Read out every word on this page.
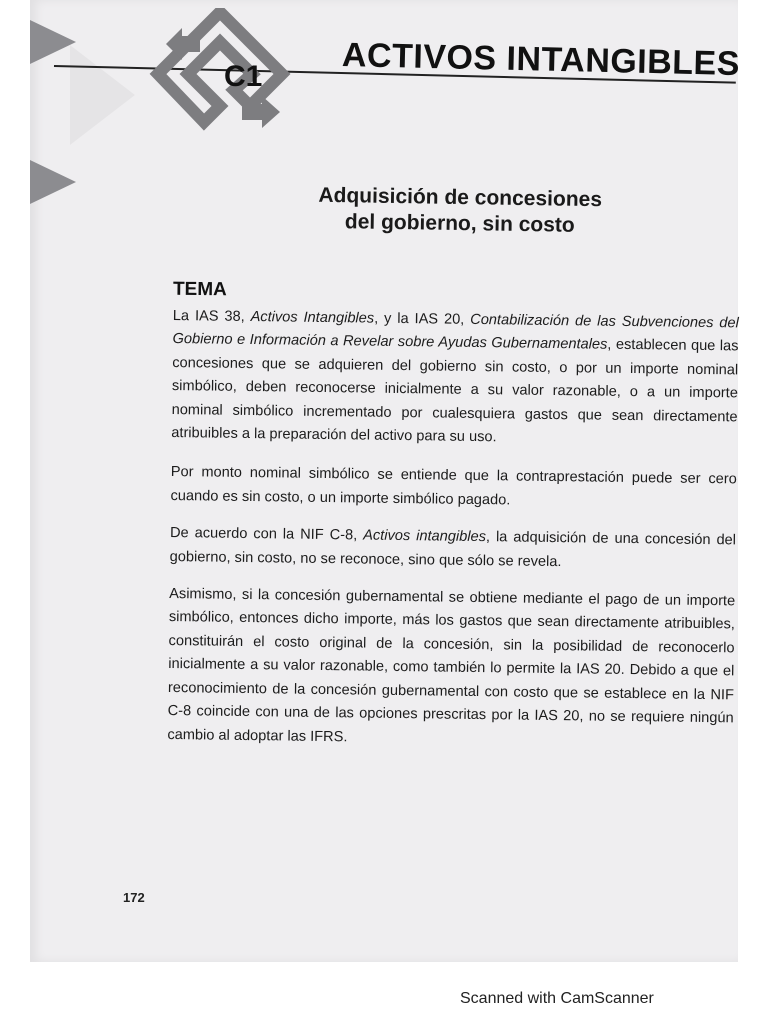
C1 ACTIVOS INTANGIBLES
Adquisición de concesiones
del gobierno, sin costo
TEMA

La IAS 38, Activos Intangibles, y la IAS 20, Contabilización de las Subvenciones del Gobierno e Información a Revelar sobre Ayudas Gubernamentales, establecen que las concesiones que se adquieren del gobierno sin costo, o por un importe nominal simbólico, deben reconocerse inicialmente a su valor razonable, o a un importe nominal simbólico incrementado por cualesquiera gastos que sean directamente atribuibles a la preparación del activo para su uso.

Por monto nominal simbólico se entiende que la contraprestación puede ser cero cuando es sin costo, o un importe simbólico pagado.

De acuerdo con la NIF C-8, Activos intangibles, la adquisición de una concesión del gobierno, sin costo, no se reconoce, sino que sólo se revela.

Asimismo, si la concesión gubernamental se obtiene mediante el pago de un importe simbólico, entonces dicho importe, más los gastos que sean directamente atribuibles, constituirán el costo original de la concesión, sin la posibilidad de reconocerlo inicialmente a su valor razonable, como también lo permite la IAS 20. Debido a que el reconocimiento de la concesión gubernamental con costo que se establece en la NIF C-8 coincide con una de las opciones prescritas por la IAS 20, no se requiere ningún cambio al adoptar las IFRS.

172
Scanned with CamScanner
